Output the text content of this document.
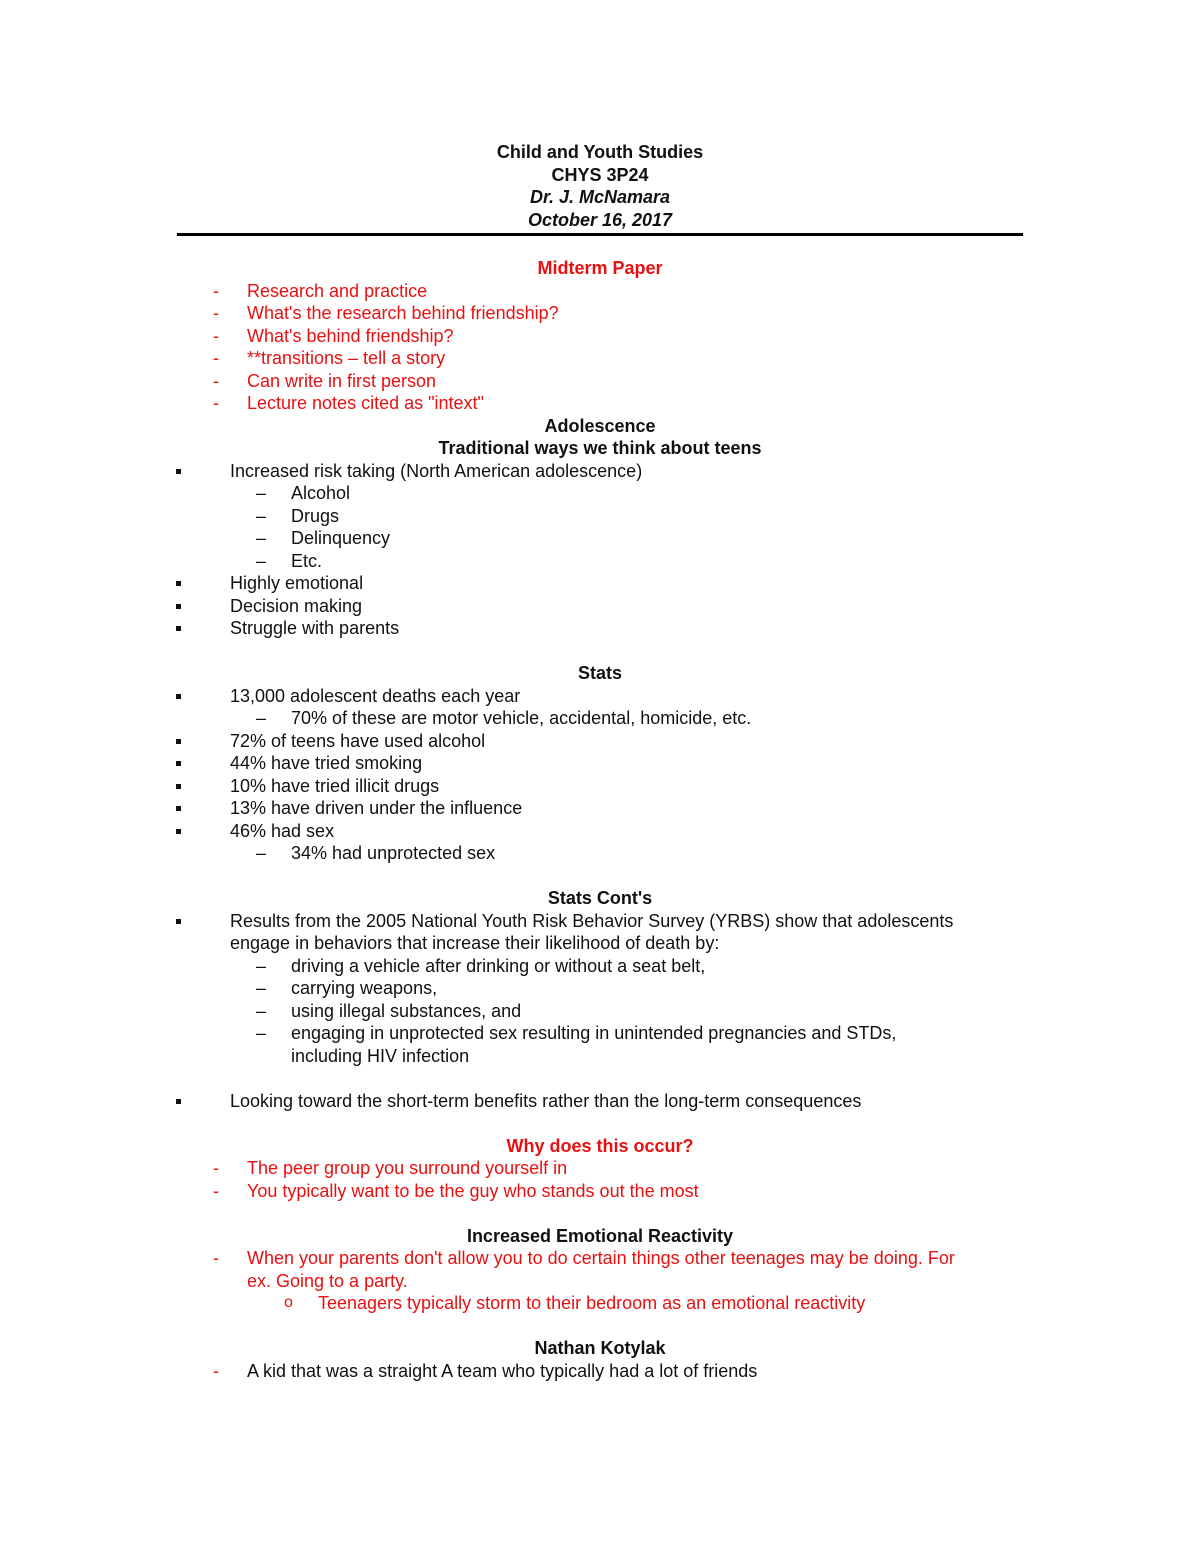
Child and Youth Studies
CHYS 3P24
Dr. J. McNamara
October 16, 2017
Midterm Paper
- Research and practice
- What's the research behind friendship?
- What's behind friendship?
- **transitions – tell a story
- Can write in first person
- Lecture notes cited as "intext"
Adolescence
Traditional ways we think about teens
Increased risk taking (North American adolescence)
– Alcohol
– Drugs
– Delinquency
– Etc.
Highly emotional
Decision making
Struggle with parents
Stats
13,000 adolescent deaths each year
– 70% of these are motor vehicle, accidental, homicide, etc.
72% of teens have used alcohol
44% have tried smoking
10% have tried illicit drugs
13% have driven under the influence
46% had sex
– 34% had unprotected sex
Stats Cont's
Results from the 2005 National Youth Risk Behavior Survey (YRBS) show that adolescents
engage in behaviors that increase their likelihood of death by:
– driving a vehicle after drinking or without a seat belt,
– carrying weapons,
– using illegal substances, and
– engaging in unprotected sex resulting in unintended pregnancies and STDs,
including HIV infection
Looking toward the short-term benefits rather than the long-term consequences
Why does this occur?
- The peer group you surround yourself in
- You typically want to be the guy who stands out the most
Increased Emotional Reactivity
- When your parents don't allow you to do certain things other teenages may be doing. For
ex. Going to a party.
o Teenagers typically storm to their bedroom as an emotional reactivity
Nathan Kotylak
- A kid that was a straight A team who typically had a lot of friends
